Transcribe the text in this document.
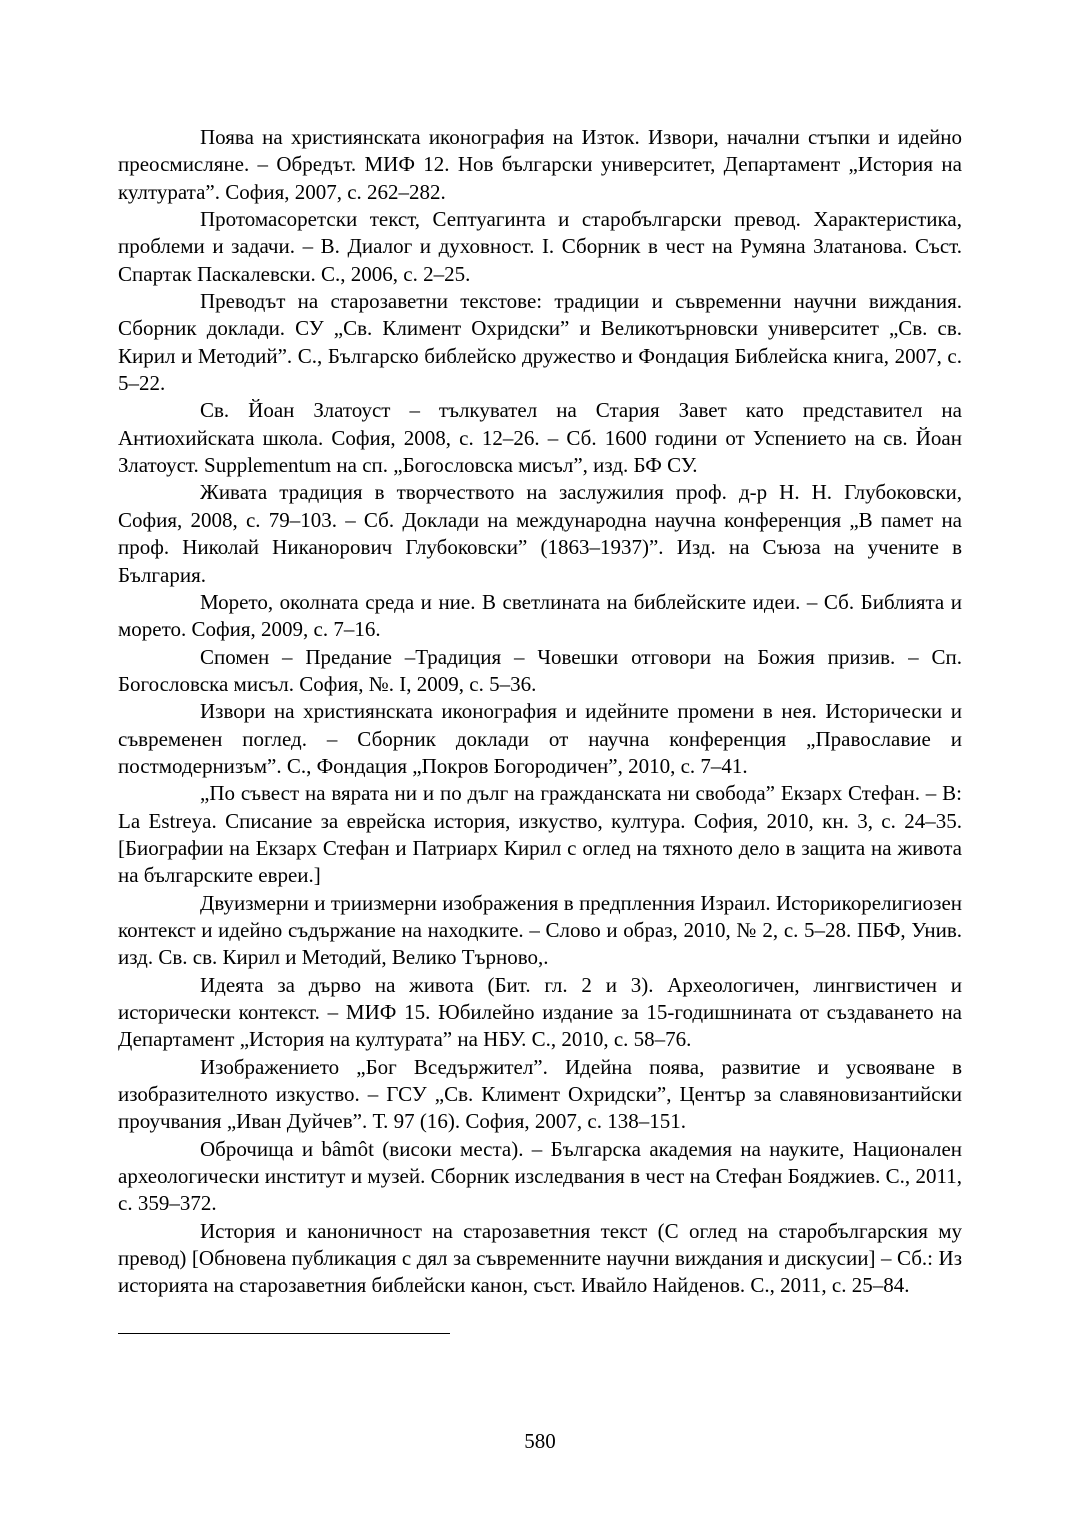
Поява на християнската иконография на Изток. Извори, начални стъпки и идейно преосмисляне. – Обредът. МИФ 12. Нов български университет, Департамент „История на културата”. София, 2007, с. 262–282.

Протомасоретски текст, Септуагинта и старобългарски превод. Характеристика, проблеми и задачи. – В. Диалог и духовност. I. Сборник в чест на Румяна Златанова. Съст. Спартак Паскалевски. С., 2006, с. 2–25.

Преводът на старозаветни текстове: традиции и съвременни научни виждания. Сборник доклади. СУ „Св. Климент Охридски” и Великотърновски университет „Св. св. Кирил и Методий”. С., Българско библейско дружество и Фондация Библейска книга, 2007, с. 5–22.

Св. Йоан Златоуст – тълкувател на Стария Завет като представител на Антиохийската школа. София, 2008, с. 12–26. – Сб. 1600 години от Успението на св. Йоан Златоуст. Supplementum на сп. „Богословска мисъл”, изд. БФ СУ.

Живата традиция в творчеството на заслужилия проф. д-р Н. Н. Глубоковски, София, 2008, с. 79–103. – Сб. Доклади на международна научна конференция „В памет на проф. Николай Никанорович Глубоковски” (1863–1937)”. Изд. на Съюза на учените в България.

Морето, околната среда и ние. В светлината на библейските идеи. – Сб. Библията и морето. София, 2009, с. 7–16.

Спомен – Предание –Традиция – Човешки отговори на Божия призив. – Сп. Богословска мисъл. София, №. I, 2009, с. 5–36.

Извори на християнската иконография и идейните промени в нея. Исторически и съвременен поглед. – Сборник доклади от научна конференция „Православие и постмодернизъм”. С., Фондация „Покров Богородичен”, 2010, с. 7–41.

„По съвест на вярата ни и по дълг на гражданската ни свобода” Екзарх Стефан. – В: La Estreya. Списание за еврейска история, изкуство, култура. София, 2010, кн. 3, с. 24–35. [Биографии на Екзарх Стефан и Патриарх Кирил с оглед на тяхното дело в защита на живота на българските евреи.]

Двуизмерни и триизмерни изображения в предпленния Израил. Историкорелигиозен контекст и идейно съдържание на находките. – Слово и образ, 2010, № 2, с. 5–28. ПБФ, Унив. изд. Св. св. Кирил и Методий, Велико Търново,.

Идеята за дърво на живота (Бит. гл. 2 и 3). Археологичен, лингвистичен и исторически контекст. – МИФ 15. Юбилейно издание за 15-годишнината от създаването на Департамент „История на културата” на НБУ. С., 2010, с. 58–76.

Изображението „Бог Вседържител”. Идейна поява, развитие и усвояване в изобразителното изкуство. – ГСУ „Св. Климент Охридски”, Център за славяновизантийски проучвания „Иван Дуйчев”. Т. 97 (16). София, 2007, с. 138–151.

Оброчища и bâmôt (високи места). – Българска академия на науките, Национален археологически институт и музей. Сборник изследвания в чест на Стефан Бояджиев. С., 2011, с. 359–372.

История и каноничност на старозаветния текст (С оглед на старобългарския му превод) [Обновена публикация с дял за съвременните научни виждания и дискусии] – Сб.: Из историята на старозаветния библейски канон, съст. Ивайло Найденов. С., 2011, с. 25–84.

580
